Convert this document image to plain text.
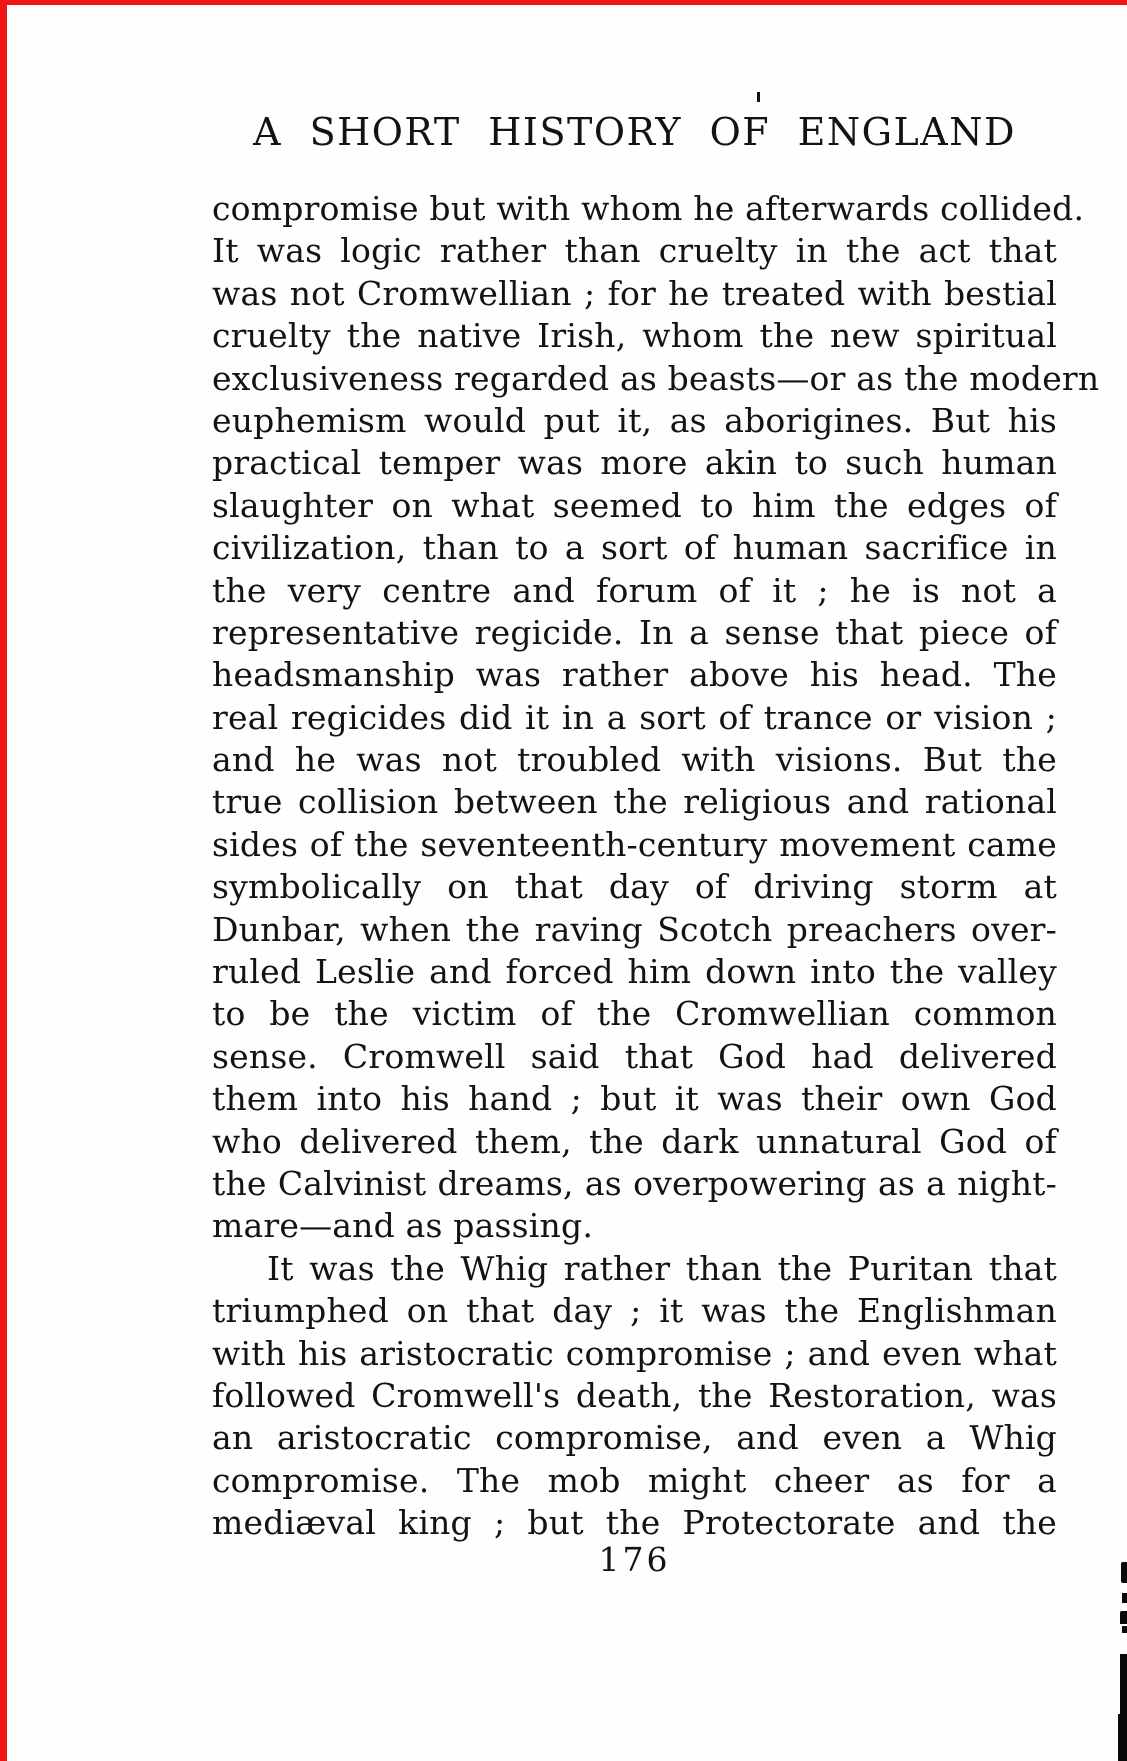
A SHORT HISTORY OF ENGLAND
compromise but with whom he afterwards collided.
It was logic rather than cruelty in the act that
was not Cromwellian ; for he treated with bestial
cruelty the native Irish, whom the new spiritual
exclusiveness regarded as beasts—or as the modern
euphemism would put it, as aborigines. But his
practical temper was more akin to such human
slaughter on what seemed to him the edges of
civilization, than to a sort of human sacrifice in
the very centre and forum of it ; he is not a
representative regicide. In a sense that piece of
headsmanship was rather above his head. The
real regicides did it in a sort of trance or vision ;
and he was not troubled with visions. But the
true collision between the religious and rational
sides of the seventeenth-century movement came
symbolically on that day of driving storm at
Dunbar, when the raving Scotch preachers over-
ruled Leslie and forced him down into the valley
to be the victim of the Cromwellian common
sense. Cromwell said that God had delivered
them into his hand ; but it was their own God
who delivered them, the dark unnatural God of
the Calvinist dreams, as overpowering as a night-
mare—and as passing.
It was the Whig rather than the Puritan that
triumphed on that day ; it was the Englishman
with his aristocratic compromise ; and even what
followed Cromwell's death, the Restoration, was
an aristocratic compromise, and even a Whig
compromise. The mob might cheer as for a
mediæval king ; but the Protectorate and the
176
